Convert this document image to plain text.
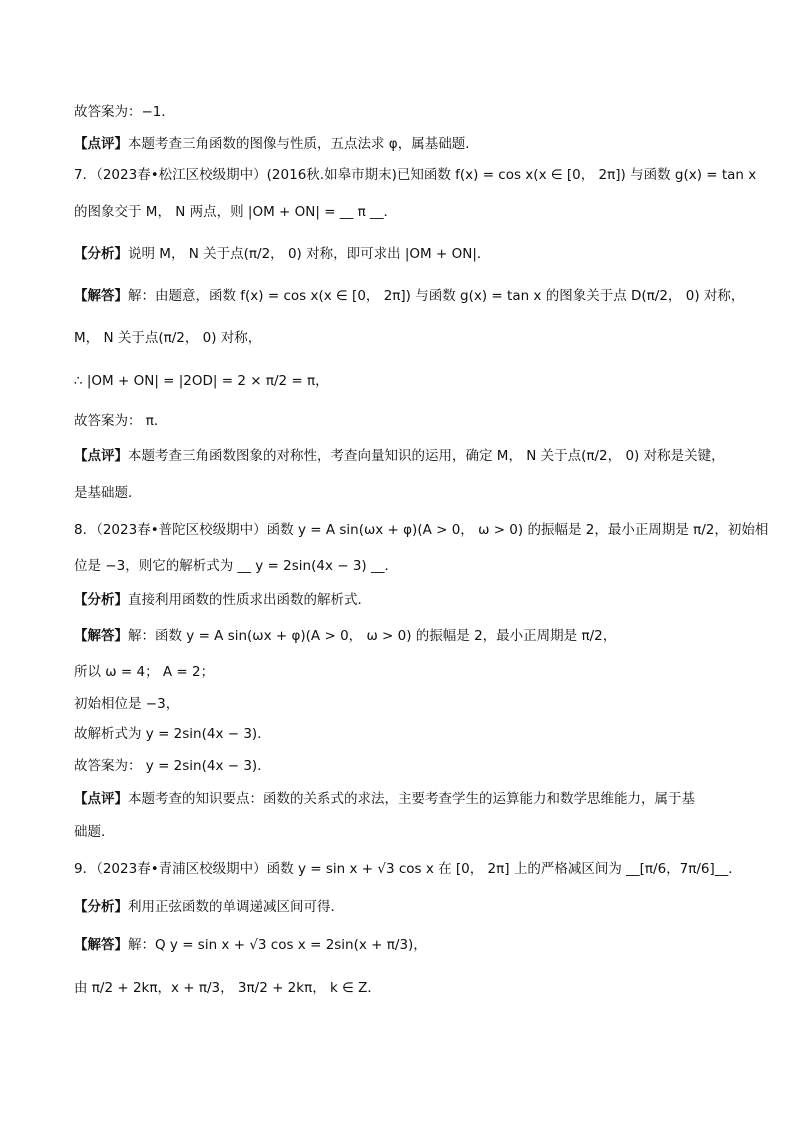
故答案为：−1．
【点评】本题考查三角函数的图像与性质，五点法求 φ，属基础题．
7．（2023春•松江区校级期中）(2016秋.如皋市期末)已知函数 f(x) = cos x(x ∈ [0， 2π]) 与函数 g(x) = tan x
的图象交于 M， N 两点，则 |OM + ON| = __ π __．
【分析】说明 M， N 关于点(π/2， 0) 对称，即可求出 |OM + ON|．
【解答】解：由题意，函数 f(x) = cos x(x ∈ [0， 2π]) 与函数 g(x) = tan x 的图象关于点 D(π/2， 0) 对称，
M， N 关于点(π/2， 0) 对称，
∴ |OM + ON| = |2OD| = 2 × π/2 = π，
故答案为： π．
【点评】本题考查三角函数图象的对称性，考查向量知识的运用，确定 M， N 关于点(π/2， 0) 对称是关键，
是基础题．
8．（2023春•普陀区校级期中）函数 y = A sin(ωx + φ)(A > 0， ω > 0) 的振幅是 2，最小正周期是 π/2，初始相
位是 −3，则它的解析式为 __ y = 2sin(4x − 3) __．
【分析】直接利用函数的性质求出函数的解析式．
【解答】解：函数 y = A sin(ωx + φ)(A > 0， ω > 0) 的振幅是 2，最小正周期是 π/2，
所以 ω = 4； A = 2；
初始相位是 −3，
故解析式为 y = 2sin(4x − 3)．
故答案为： y = 2sin(4x − 3)．
【点评】本题考查的知识要点：函数的关系式的求法，主要考查学生的运算能力和数学思维能力，属于基
础题．
9．（2023春•青浦区校级期中）函数 y = sin x + √3 cos x 在 [0， 2π] 上的严格减区间为 __[π/6，7π/6]__．
【分析】利用正弦函数的单调递减区间可得．
【解答】解：Q y = sin x + √3 cos x = 2sin(x + π/3)，
由 π/2 + 2kπ，x + π/3， 3π/2 + 2kπ， k ∈ Z．
